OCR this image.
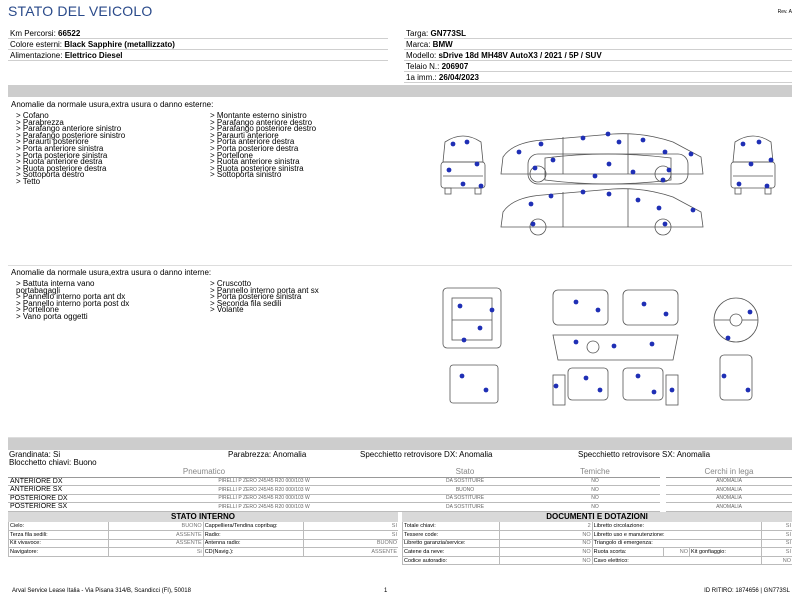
STATO DEL VEICOLO	Rev. A
Km Percorsi: 66522
Colore esterni: Black Sapphire (metallizzato)
Alimentazione: Elettrico Diesel
Targa: GN773SL
Marca: BMW
Modello: sDrive 18d MH48V AutoX3 / 2021 / 5P / SUV
Telaio N.: 206907
1a imm.: 26/04/2023
Anomalie da normale usura,extra usura o danno esterne:
> Cofano
> Parabrezza
> Parafango anteriore sinistro
> Parafango posteriore sinistro
> Paraurti posteriore
> Porta anteriore sinistra
> Porta posteriore sinistra
> Ruota anteriore destra
> Ruota posteriore destra
> Sottoporta destro
> Tetto
> Montante esterno sinistro
> Parafango anteriore destro
> Parafango posteriore destro
> Paraurti anteriore
> Porta anteriore destra
> Porta posteriore destra
> Portellone
> Ruota anteriore sinistra
> Ruota posteriore sinistra
> Sottoporta sinistro
Anomalie da normale usura,extra usura o danno interne:
> Battuta interna vano
portabagagli
> Pannello interno porta ant dx
> Pannello interno porta post dx
> Portellone
> Vano porta oggetti
> Cruscotto
> Pannello interno porta ant sx
> Porta posteriore sinistra
> Seconda fila sedili
> Volante
Grandinata: Si	Parabrezza: Anomalia	Specchietto retrovisore DX: Anomalia	Specchietto retrovisore SX: Anomalia
Blocchetto chiavi: Buono
Pneumatico		Stato	Temiche		Cerchi in lega
ANTERIORE DX	PIRELLI P ZERO 245/45 R20 000/103 W	DA SOSTITUIRE	NO		ANOMALIA
ANTERIORE SX	PIRELLI P ZERO 245/45 R20 000/103 W	BUONO	NO		ANOMALIA
POSTERIORE DX	PIRELLI P ZERO 245/45 R20 000/103 W	DA SOSTITUIRE	NO		ANOMALIA
POSTERIORE SX	PIRELLI P ZERO 245/45 R20 000/103 W	DA SOSTITUIRE	NO		ANOMALIA
STATO INTERNO
Cielo:	BUONO	Cappelliera/Tendina copribag:	SI
Terza fila sedili:	ASSENTE	Radio:	SI
Kit vivavoce:	ASSENTE	Antenna radio:	BUONO
Navigatore:	Si	CD(Navig.):	ASSENTE
DOCUMENTI E DOTAZIONI
Totale chiavi:	2	Libretto circolazione:			SI
Tessere code:	NO	Libretto uso e manutenzione:			SI
Libretto garanzia/service:	NO	Triangolo di emergenza:			SI
Catene da neve:	NO	Ruota scorta:	NO	Kit gonfiaggio:	SI
Codice autoradio:	NO	Cavo elettrico:			NO
Arval Service Lease Italia - Via Pisana 314/B, Scandicci (FI), 50018	1	ID RITIRO: 1874656 | GN773SL
